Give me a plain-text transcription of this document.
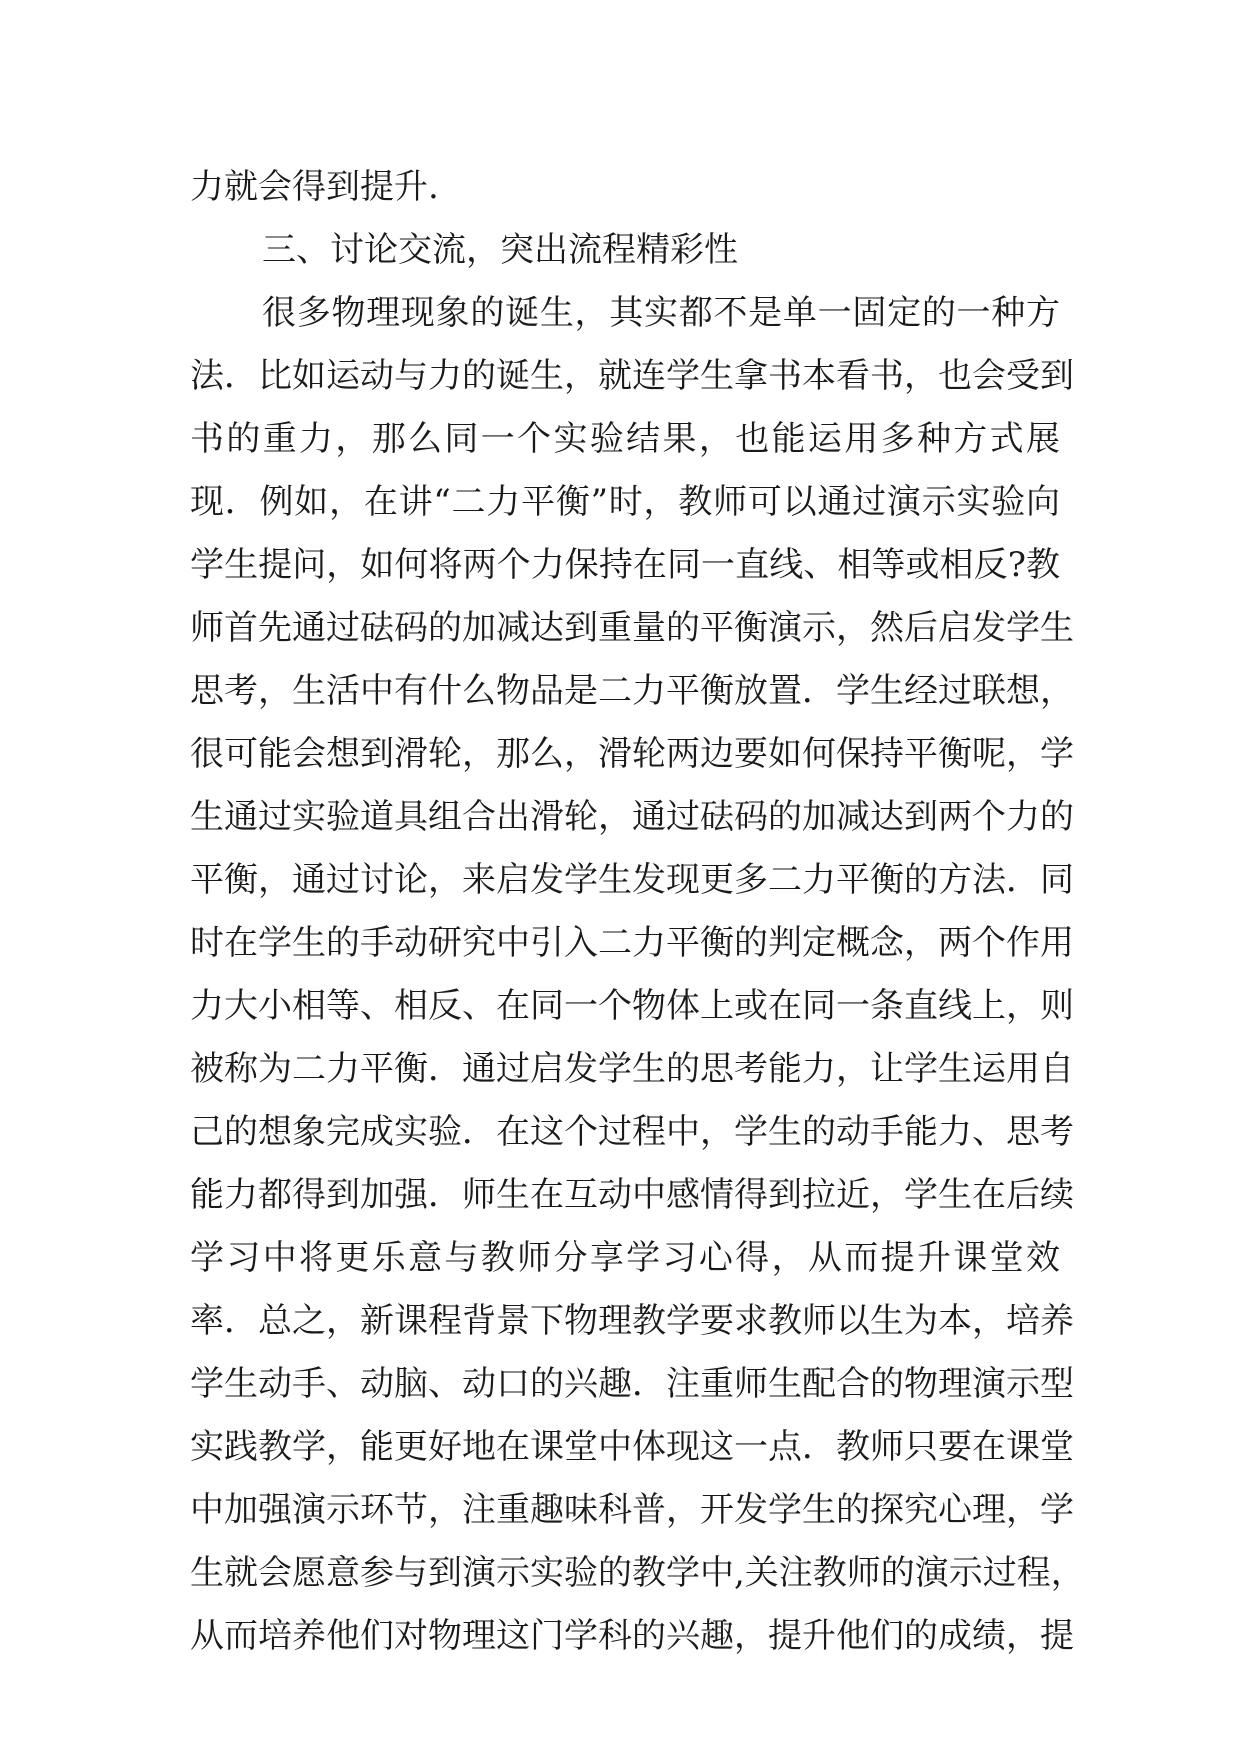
力就会得到提升.
三、讨论交流，突出流程精彩性
很多物理现象的诞生，其实都不是单一固定的一种方
法．比如运动与力的诞生，就连学生拿书本看书，也会受到
书的重力，那么同一个实验结果，也能运用多种方式展
现．例如，在讲“二力平衡”时，教师可以通过演示实验向
学生提问，如何将两个力保持在同一直线、相等或相反?教
师首先通过砝码的加减达到重量的平衡演示，然后启发学生
思考，生活中有什么物品是二力平衡放置．学生经过联想，
很可能会想到滑轮，那么，滑轮两边要如何保持平衡呢，学
生通过实验道具组合出滑轮，通过砝码的加减达到两个力的
平衡，通过讨论，来启发学生发现更多二力平衡的方法．同
时在学生的手动研究中引入二力平衡的判定概念，两个作用
力大小相等、相反、在同一个物体上或在同一条直线上，则
被称为二力平衡．通过启发学生的思考能力，让学生运用自
己的想象完成实验．在这个过程中，学生的动手能力、思考
能力都得到加强．师生在互动中感情得到拉近，学生在后续
学习中将更乐意与教师分享学习心得，从而提升课堂效
率．总之，新课程背景下物理教学要求教师以生为本，培养
学生动手、动脑、动口的兴趣．注重师生配合的物理演示型
实践教学，能更好地在课堂中体现这一点．教师只要在课堂
中加强演示环节，注重趣味科普，开发学生的探究心理，学
生就会愿意参与到演示实验的教学中,关注教师的演示过程，
从而培养他们对物理这门学科的兴趣，提升他们的成绩，提
